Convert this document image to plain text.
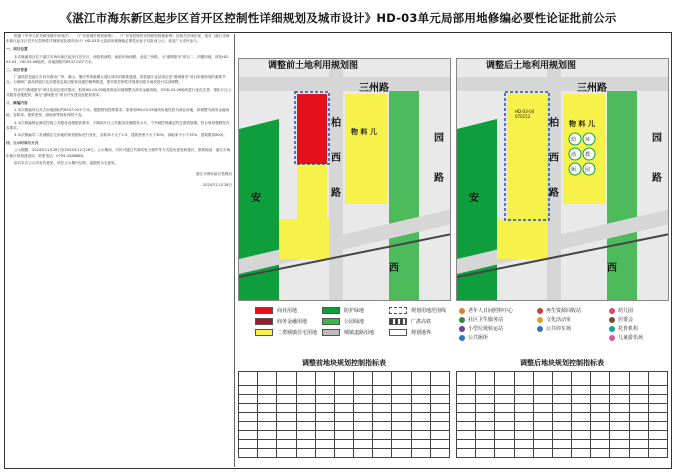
《湛江市海东新区起步区首开区控制性详细规划及城市设计》HD-03单元局部用地修编必要性论证批前公示

根据《中华人民共和国城乡规划法》、《广东省城乡规划条例》、《广东省控制性详细规划管理条例》及相关法律法规，现对《湛江市海东新区起步区首开区控制性详细规划及城市设计》HD-03单元局部用地修编必要性论证予以批前公示，欢迎广大市民参与。

一、项目位置

本次修编项目位于湛江市海东新区起步区首开区，西临柏西路，南临东海西路，北临三州路，为"港城夏至"项目二、四期用地，涉及HD-03-05、HD-03-06地块，用地面积约6537.00平方米。

二、项目背景

广湛高铁是湛江市向东联动广州、佛山、肇庆等粤港澳大湾区城市的重要通道，高铁湛江北站周边是"港城夏至"项目用地规划的重要节点。为保障广湛高铁湛江北站建设及周边配套设施的顺利推进，需对原控制性详细规划部分地块进行局部调整。

经评估"港城夏至"项目及周边现状情况，拟将HD-03-05地块商业用地调整为商务金融用地，对HD-03-06地块进行优化完善，强化片区公共服务设施配套，满足"港城夏至"项目开发建设及配套需求。

三、修编内容

1.本次修编项目共占用地面积约6537.00平方米。根据规划控制要求，原规划HD-03-05地块用地性质为商业用地，拟调整为商务金融用地，容积率、建筑密度、绿地率等指标保持不变。

2.本次修编保证满足控规公共服务设施配套要求，不降低片区公共服务设施服务水平，不突破控规确定的总建筑规模，符合规划强制性内容要求。

3.本次修编对二类城镇住宅用地的规划指标进行优化，容积率不大于2.5，建筑密度不大于30%，绿地率不小于35%，建筑限高80米。

四、公示时间与方式

公示期限：2024年11月28日至2024年12月28日。公示期间，市民可通过书面或电子邮件等方式提出意见和建议，联系地址：湛江市海东新区规划建设局，联系电话：0759-3388888。

如对本次公示内容有意见，请在公示期内反馈，逾期视为无意见。

湛江市海东新区管理局

2024年11月28日

调整前土地利用规划图
三州路
柏
西
路
物 料 儿
西
安
园
路
调整后土地利用规划图
HD-03-04
070152
三州路
柏
西
路
物 料 儿
幼 环
消 教
厕 园
西
安
园
路
商业用地
商务金融用地
二类城镇住宅用地
防护绿地
公园绿地
城镇道路用地
规划用地范围线
广湛高铁
规划地界
老年人日间照料中心
社区卫生服务站
小型垃圾转运站
公共厕所
再生资源回收站
文化活动室
公共停车场
幼儿园
居委会
托育机构
儿童游乐场
调整前地块规划控制指标表

											调整后地块规划控制指标表
